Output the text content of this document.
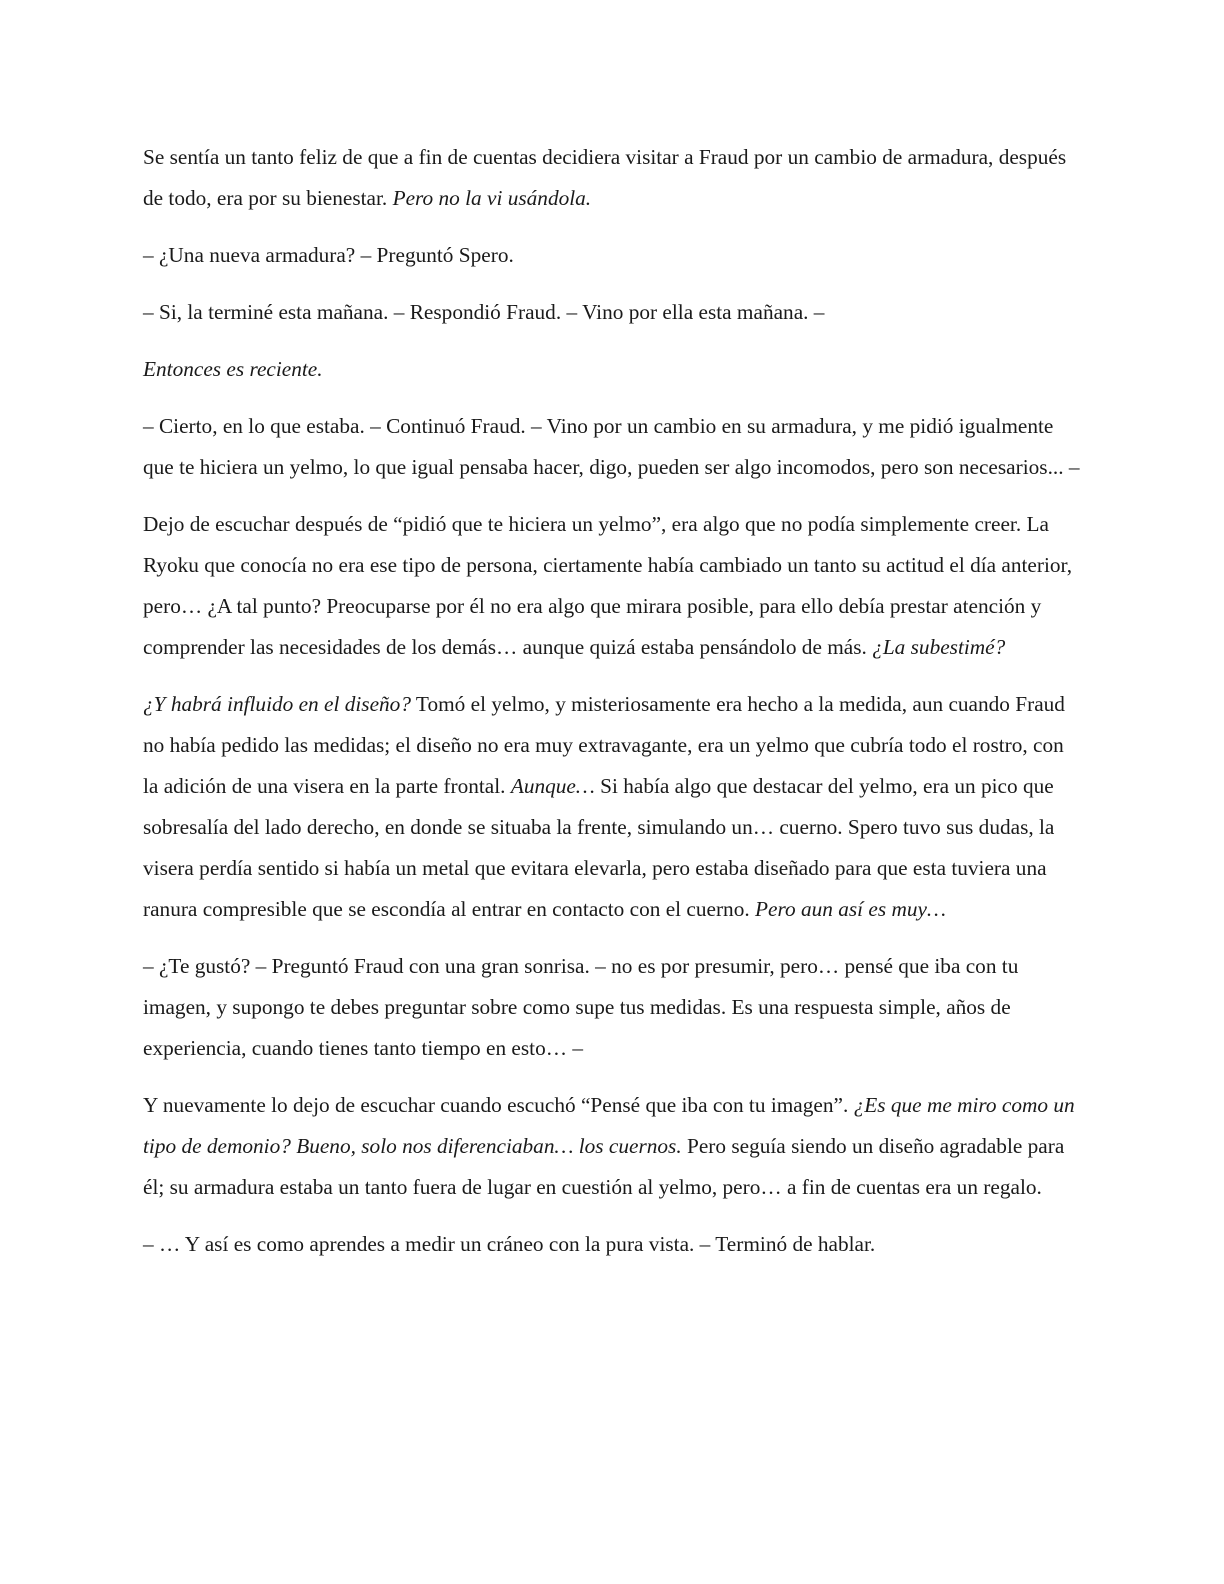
Se sentía un tanto feliz de que a fin de cuentas decidiera visitar a Fraud por un cambio de armadura, después de todo, era por su bienestar. Pero no la vi usándola.

– ¿Una nueva armadura? – Preguntó Spero.

– Si, la terminé esta mañana. – Respondió Fraud. – Vino por ella esta mañana. –

Entonces es reciente.

– Cierto, en lo que estaba. – Continuó Fraud. – Vino por un cambio en su armadura, y me pidió igualmente que te hiciera un yelmo, lo que igual pensaba hacer, digo, pueden ser algo incomodos, pero son necesarios... –

Dejo de escuchar después de “pidió que te hiciera un yelmo”, era algo que no podía simplemente creer. La Ryoku que conocía no era ese tipo de persona, ciertamente había cambiado un tanto su actitud el día anterior, pero… ¿A tal punto? Preocuparse por él no era algo que mirara posible, para ello debía prestar atención y comprender las necesidades de los demás… aunque quizá estaba pensándolo de más. ¿La subestimé?

¿Y habrá influido en el diseño? Tomó el yelmo, y misteriosamente era hecho a la medida, aun cuando Fraud no había pedido las medidas; el diseño no era muy extravagante, era un yelmo que cubría todo el rostro, con la adición de una visera en la parte frontal. Aunque… Si había algo que destacar del yelmo, era un pico que sobresalía del lado derecho, en donde se situaba la frente, simulando un… cuerno. Spero tuvo sus dudas, la visera perdía sentido si había un metal que evitara elevarla, pero estaba diseñado para que esta tuviera una ranura compresible que se escondía al entrar en contacto con el cuerno. Pero aun así es muy…

– ¿Te gustó? – Preguntó Fraud con una gran sonrisa. – no es por presumir, pero… pensé que iba con tu imagen, y supongo te debes preguntar sobre como supe tus medidas. Es una respuesta simple, años de experiencia, cuando tienes tanto tiempo en esto… –

Y nuevamente lo dejo de escuchar cuando escuchó “Pensé que iba con tu imagen”. ¿Es que me miro como un tipo de demonio? Bueno, solo nos diferenciaban… los cuernos. Pero seguía siendo un diseño agradable para él; su armadura estaba un tanto fuera de lugar en cuestión al yelmo, pero… a fin de cuentas era un regalo.

– … Y así es como aprendes a medir un cráneo con la pura vista. – Terminó de hablar.
